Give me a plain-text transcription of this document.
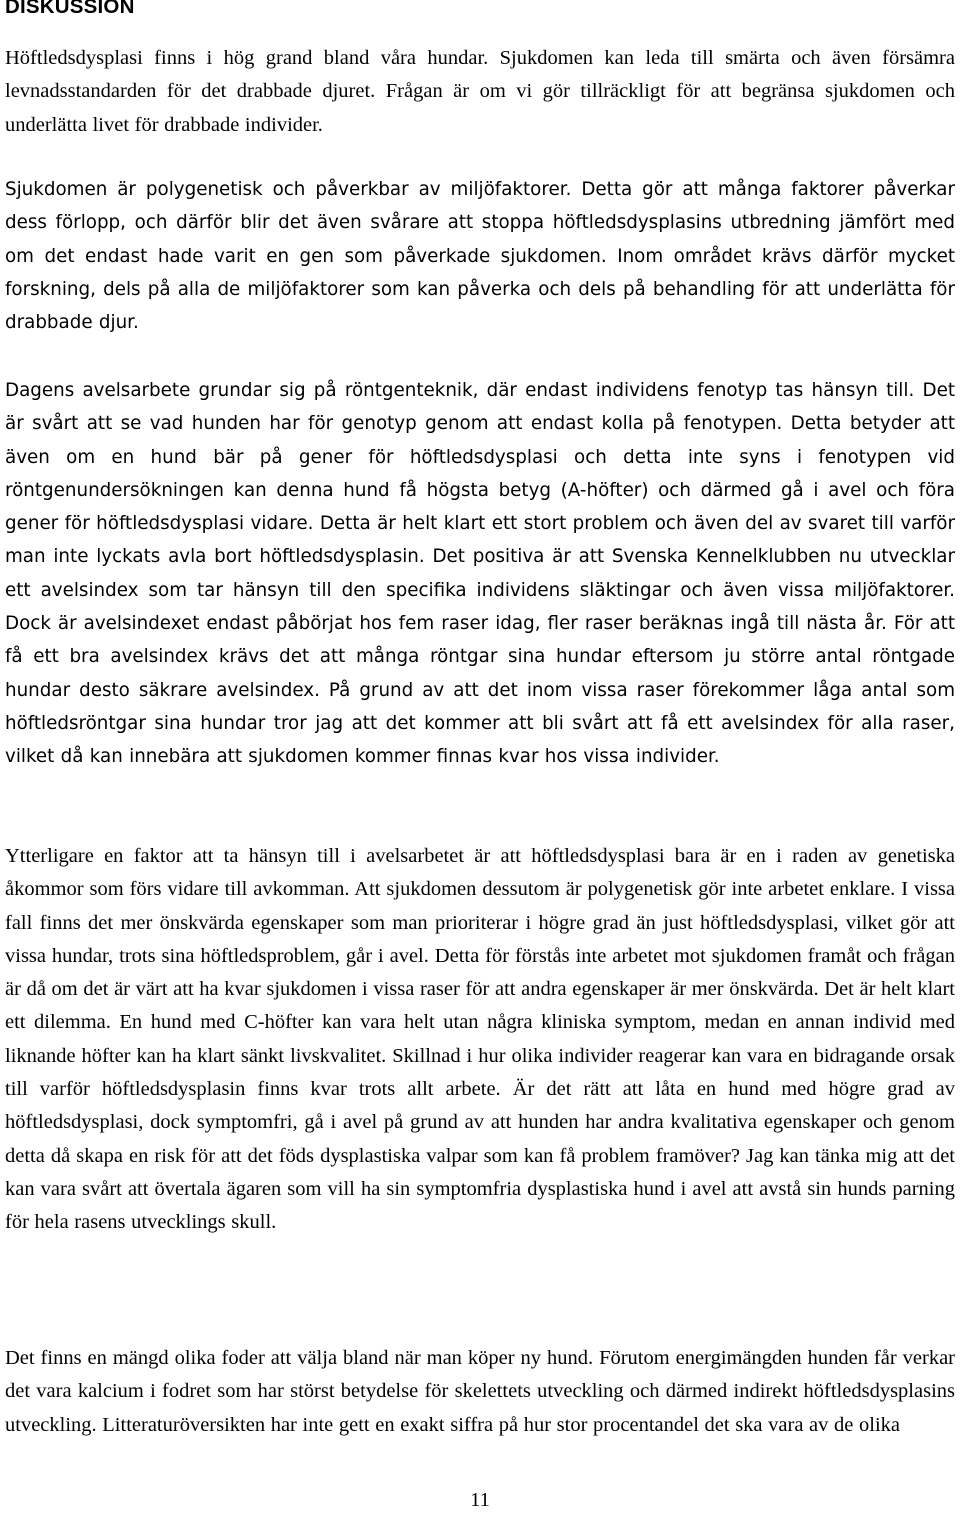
DISKUSSION

Höftledsdysplasi finns i hög grand bland våra hundar. Sjukdomen kan leda till smärta och även försämra levnadsstandarden för det drabbade djuret. Frågan är om vi gör tillräckligt för att begränsa sjukdomen och underlätta livet för drabbade individer.

Sjukdomen är polygenetisk och påverkbar av miljöfaktorer. Detta gör att många faktorer påverkar dess förlopp, och därför blir det även svårare att stoppa höftledsdysplasins utbredning jämfört med om det endast hade varit en gen som påverkade sjukdomen. Inom området krävs därför mycket forskning, dels på alla de miljöfaktorer som kan påverka och dels på behandling för att underlätta för drabbade djur.

Dagens avelsarbete grundar sig på röntgenteknik, där endast individens fenotyp tas hänsyn till. Det är svårt att se vad hunden har för genotyp genom att endast kolla på fenotypen. Detta betyder att även om en hund bär på gener för höftledsdysplasi och detta inte syns i fenotypen vid röntgenundersökningen kan denna hund få högsta betyg (A-höfter) och därmed gå i avel och föra gener för höftledsdysplasi vidare. Detta är helt klart ett stort problem och även del av svaret till varför man inte lyckats avla bort höftledsdysplasin. Det positiva är att Svenska Kennelklubben nu utvecklar ett avelsindex som tar hänsyn till den specifika individens släktingar och även vissa miljöfaktorer. Dock är avelsindexet endast påbörjat hos fem raser idag, fler raser beräknas ingå till nästa år. För att få ett bra avelsindex krävs det att många röntgar sina hundar eftersom ju större antal röntgade hundar desto säkrare avelsindex. På grund av att det inom vissa raser förekommer låga antal som höftledsröntgar sina hundar tror jag att det kommer att bli svårt att få ett avelsindex för alla raser, vilket då kan innebära att sjukdomen kommer finnas kvar hos vissa individer.

Ytterligare en faktor att ta hänsyn till i avelsarbetet är att höftledsdysplasi bara är en i raden av genetiska åkommor som förs vidare till avkomman. Att sjukdomen dessutom är polygenetisk gör inte arbetet enklare. I vissa fall finns det mer önskvärda egenskaper som man prioriterar i högre grad än just höftledsdysplasi, vilket gör att vissa hundar, trots sina höftledsproblem, går i avel. Detta för förstås inte arbetet mot sjukdomen framåt och frågan är då om det är värt att ha kvar sjukdomen i vissa raser för att andra egenskaper är mer önskvärda. Det är helt klart ett dilemma. En hund med C-höfter kan vara helt utan några kliniska symptom, medan en annan individ med liknande höfter kan ha klart sänkt livskvalitet. Skillnad i hur olika individer reagerar kan vara en bidragande orsak till varför höftledsdysplasin finns kvar trots allt arbete. Är det rätt att låta en hund med högre grad av höftledsdysplasi, dock symptomfri, gå i avel på grund av att hunden har andra kvalitativa egenskaper och genom detta då skapa en risk för att det föds dysplastiska valpar som kan få problem framöver? Jag kan tänka mig att det kan vara svårt att övertala ägaren som vill ha sin symptomfria dysplastiska hund i avel att avstå sin hunds parning för hela rasens utvecklings skull.

Det finns en mängd olika foder att välja bland när man köper ny hund. Förutom energimängden hunden får verkar det vara kalcium i fodret som har störst betydelse för skelettets utveckling och därmed indirekt höftledsdysplasins utveckling. Litteraturöversikten har inte gett en exakt siffra på hur stor procentandel det ska vara av de olika

11
